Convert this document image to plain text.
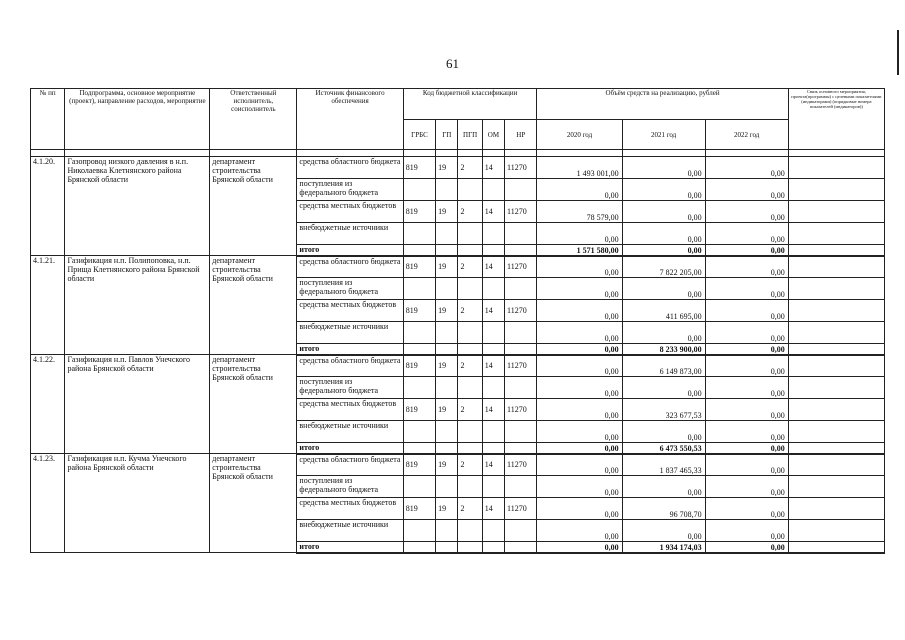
61
№ пп	Подпрограмма, основное мероприятие (проект), направление расходов, мероприятие	Ответственный исполнитель, соисполнитель	Источник финансового обеспечения	Код бюджетной классификации					Объём средств на реализацию, рублей			Связь основного мероприятия, проекта(программы) с целевыми показателями (индикаторами) (порядковые номера показателей (индикаторов))
				ГРБС	ГП	ПГП	ОМ	НР	2020 год	2021 год	2022 год	

4.1.20.	Газопровод низкого давления в н.п. Николаевка Клетнянского района Брянской области	департамент строительства Брянской области	средства областного бюджета	819	19	2	14	11270	1 493 001,00	0,00	0,00	
			поступления из федерального бюджета						0,00	0,00	0,00	
			средства местных бюджетов	819	19	2	14	11270	78 579,00	0,00	0,00	
			внебюджетные источники						0,00	0,00	0,00	
			итого						1 571 580,00	0,00	0,00	
4.1.21.	Газификация н.п. Полипоповка, н.п. Прища Клетнянского района Брянской области	департамент строительства Брянской области	средства областного бюджета	819	19	2	14	11270	0,00	7 822 205,00	0,00	
			поступления из федерального бюджета						0,00	0,00	0,00	
			средства местных бюджетов	819	19	2	14	11270	0,00	411 695,00	0,00	
			внебюджетные источники						0,00	0,00	0,00	
			итого						0,00	8 233 900,00	0,00	
4.1.22.	Газификация н.п. Павлов Унечского района Брянской области	департамент строительства Брянской области	средства областного бюджета	819	19	2	14	11270	0,00	6 149 873,00	0,00	
			поступления из федерального бюджета						0,00	0,00	0,00	
			средства местных бюджетов	819	19	2	14	11270	0,00	323 677,53	0,00	
			внебюджетные источники						0,00	0,00	0,00	
			итого						0,00	6 473 550,53	0,00	
4.1.23.	Газификация н.п. Кучма Унечского района Брянской области	департамент строительства Брянской области	средства областного бюджета	819	19	2	14	11270	0,00	1 837 465,33	0,00	
			поступления из федерального бюджета						0,00	0,00	0,00	
			средства местных бюджетов	819	19	2	14	11270	0,00	96 708,70	0,00	
			внебюджетные источники						0,00	0,00	0,00	
			итого						0,00	1 934 174,03	0,00	
